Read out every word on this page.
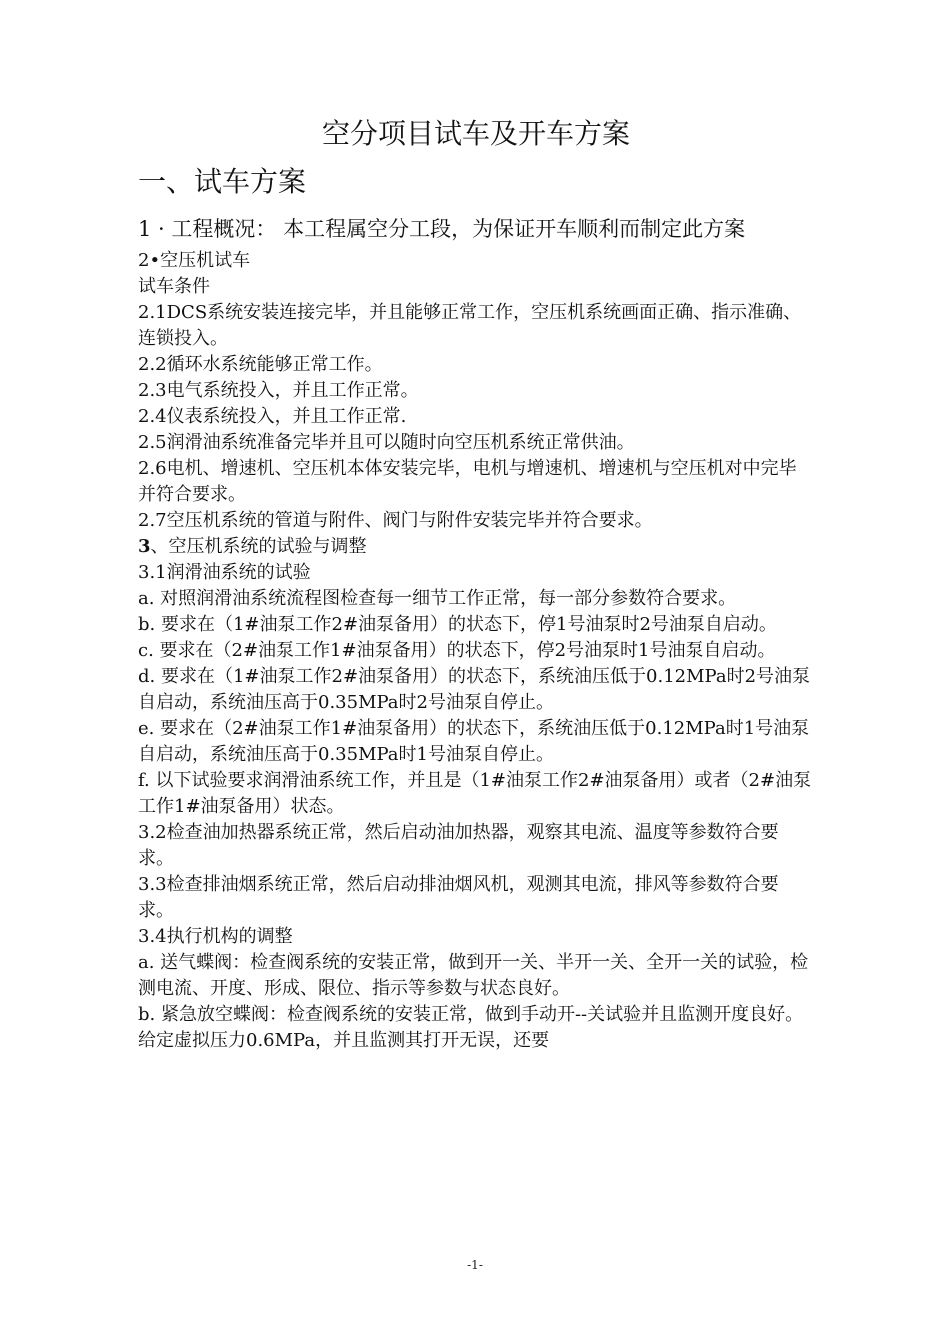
空分项目试车及开车方案
一、试车方案
1 · 工程概况： 本工程属空分工段，为保证开车顺利而制定此方案

2•空压机试车

试车条件

2.1DCS系统安装连接完毕，并且能够正常工作，空压机系统画面正确、指示准确、连锁投入。

2.2循环水系统能够正常工作。

2.3电气系统投入，并且工作正常。

2.4仪表系统投入，并且工作正常.

2.5润滑油系统准备完毕并且可以随时向空压机系统正常供油。

2.6电机、增速机、空压机本体安装完毕，电机与增速机、增速机与空压机对中完毕并符合要求。

2.7空压机系统的管道与附件、阀门与附件安装完毕并符合要求。

3、空压机系统的试验与调整

3.1润滑油系统的试验

a. 对照润滑油系统流程图检查每一细节工作正常，每一部分参数符合要求。

b. 要求在（1#油泵工作2#油泵备用）的状态下，停1号油泵时2号油泵自启动。

c. 要求在（2#油泵工作1#油泵备用）的状态下，停2号油泵时1号油泵自启动。

d. 要求在（1#油泵工作2#油泵备用）的状态下，系统油压低于0.12MPa时2号油泵自启动，系统油压高于0.35MPa时2号油泵自停止。

e. 要求在（2#油泵工作1#油泵备用）的状态下，系统油压低于0.12MPa时1号油泵自启动，系统油压高于0.35MPa时1号油泵自停止。

f. 以下试验要求润滑油系统工作，并且是（1#油泵工作2#油泵备用）或者（2#油泵工作1#油泵备用）状态。

3.2检查油加热器系统正常，然后启动油加热器，观察其电流、温度等参数符合要求。

3.3检查排油烟系统正常，然后启动排油烟风机，观测其电流，排风等参数符合要求。

3.4执行机构的调整

a. 送气蝶阀：检查阀系统的安装正常，做到开一关、半开一关、全开一关的试验，检测电流、开度、形成、限位、指示等参数与状态良好。

b. 紧急放空蝶阀：检查阀系统的安装正常，做到手动开--关试验并且监测开度良好。给定虚拟压力0.6MPa，并且监测其打开无误，还要

-1-
